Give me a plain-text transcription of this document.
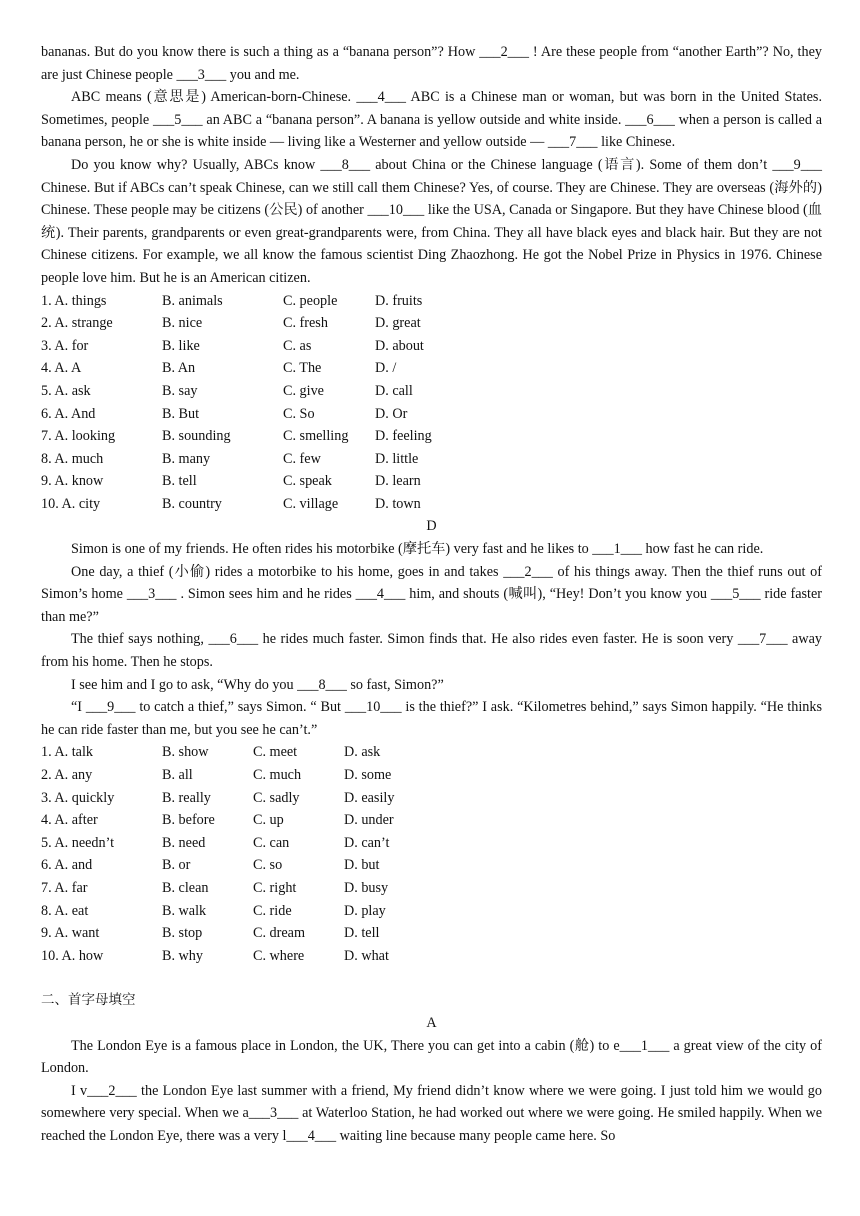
bananas. But do you know there is such a thing as a “banana person”? How ___2___ ! Are these people from “another Earth”? No, they are just Chinese people ___3___ you and me.

ABC means (意思是) American-born-Chinese. ___4___ ABC is a Chinese man or woman, but was born in the United States. Sometimes, people ___5___ an ABC a “banana person”. A banana is yellow outside and white inside. ___6___ when a person is called a banana person, he or she is white inside — living like a Westerner and yellow outside — ___7___ like Chinese.

Do you know why? Usually, ABCs know ___8___ about China or the Chinese language (语言). Some of them don’t ___9___ Chinese. But if ABCs can’t speak Chinese, can we still call them Chinese? Yes, of course. They are Chinese. They are overseas (海外的) Chinese. These people may be citizens (公民) of another ___10___ like the USA, Canada or Singapore. But they have Chinese blood (血统). Their parents, grandparents or even great-grandparents were, from China. They all have black eyes and black hair. But they are not Chinese citizens. For example, we all know the famous scientist Ding Zhaozhong. He got the Nobel Prize in Physics in 1976. Chinese people love him. But he is an American citizen.

1. A. things	B. animals	C. people	D. fruits
2. A. strange	B. nice	C. fresh	D. great
3. A. for	B. like	C. as	D. about
4. A. A	B. An	C. The	D. /
5. A. ask	B. say	C. give	D. call
6. A. And	B. But	C. So	D. Or
7. A. looking	B. sounding	C. smelling	D. feeling
8. A. much	B. many	C. few	D. little
9. A. know	B. tell	C. speak	D. learn
10. A. city	B. country	C. village	D. town
D

Simon is one of my friends. He often rides his motorbike (摩托车) very fast and he likes to ___1___ how fast he can ride.

One day, a thief (小偷) rides a motorbike to his home, goes in and takes ___2___ of his things away. Then the thief runs out of Simon’s home ___3___ . Simon sees him and he rides ___4___ him, and shouts (喊叫), “Hey! Don’t you know you ___5___ ride faster than me?”

The thief says nothing, ___6___ he rides much faster. Simon finds that. He also rides even faster. He is soon very ___7___ away from his home. Then he stops.

I see him and I go to ask, “Why do you ___8___ so fast, Simon?”

“I ___9___ to catch a thief,” says Simon. “ But ___10___ is the thief?” I ask. “Kilometres behind,” says Simon happily. “He thinks he can ride faster than me, but you see he can’t.”

1. A. talk	B. show	C. meet	D. ask
2. A. any	B. all	C. much	D. some
3. A. quickly	B. really	C. sadly	D. easily
4. A. after	B. before	C. up	D. under
5. A. needn’t	B. need	C. can	D. can’t
6. A. and	B. or	C. so	D. but
7. A. far	B. clean	C. right	D. busy
8. A. eat	B. walk	C. ride	D. play
9. A. want	B. stop	C. dream	D. tell
10. A. how	B. why	C. where	D. what
二、首字母填空
A

The London Eye is a famous place in London, the UK, There you can get into a cabin (舱) to e___1___ a great view of the city of London.

I v___2___ the London Eye last summer with a friend, My friend didn’t know where we were going. I just told him we would go somewhere very special. When we a___3___ at Waterloo Station, he had worked out where we were going. He smiled happily. When we reached the London Eye, there was a very l___4___ waiting line because many people came here. So
